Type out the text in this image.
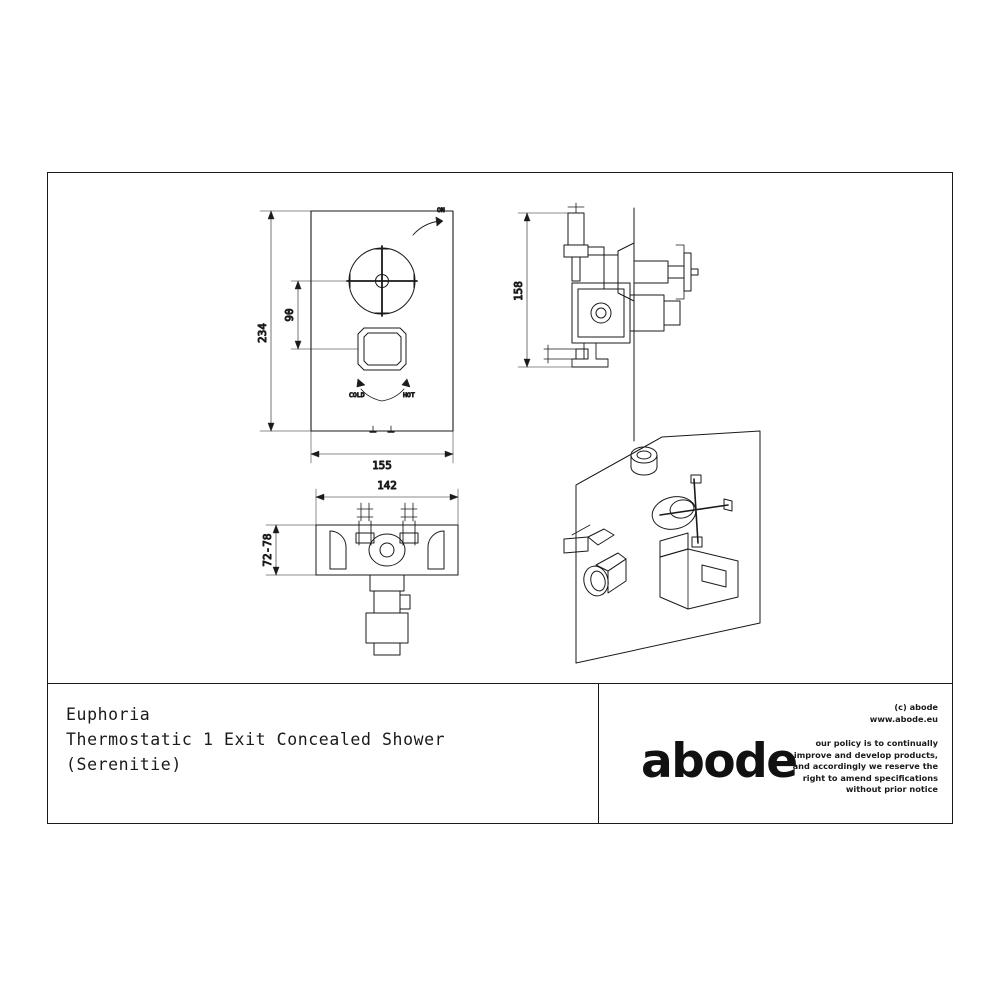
ON
COLD	HOT
234
90
155
158
142
72-78
Euphoria
Thermostatic 1 Exit Concealed Shower
(Serenitie)	abode
(c) abode
www.abode.eu
our policy is to continually
improve and develop products,
and accordingly we reserve the
right to amend specifications
without prior notice
